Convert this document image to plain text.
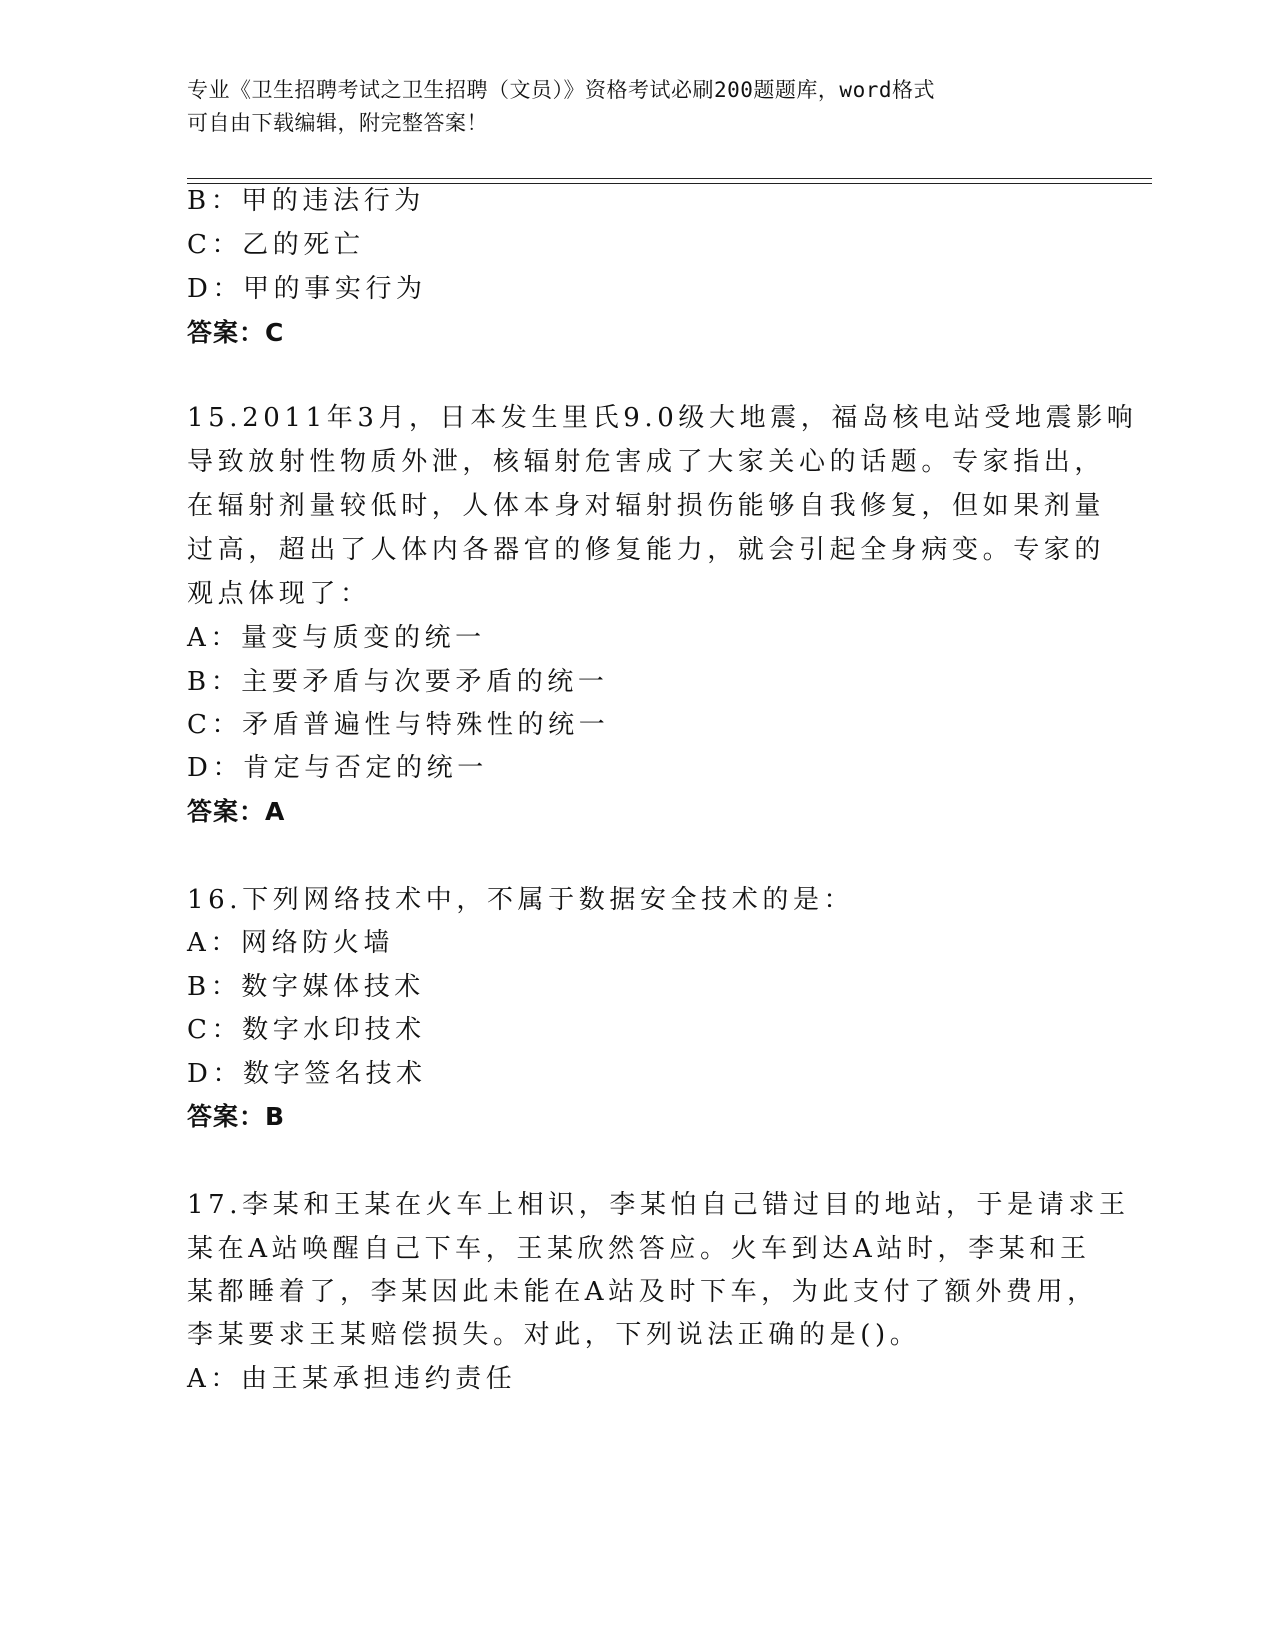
专业《卫生招聘考试之卫生招聘（文员）》资格考试必刷200题题库，word格式
可自由下载编辑，附完整答案！
B：甲的违法行为
C：乙的死亡
D：甲的事实行为
答案：C
15.2011年3月，日本发生里氏9.0级大地震，福岛核电站受地震影响
导致放射性物质外泄，核辐射危害成了大家关心的话题。专家指出，
在辐射剂量较低时，人体本身对辐射损伤能够自我修复，但如果剂量
过高，超出了人体内各器官的修复能力，就会引起全身病变。专家的
观点体现了：
A：量变与质变的统一
B：主要矛盾与次要矛盾的统一
C：矛盾普遍性与特殊性的统一
D：肯定与否定的统一
答案：A
16.下列网络技术中，不属于数据安全技术的是：
A：网络防火墙
B：数字媒体技术
C：数字水印技术
D：数字签名技术
答案：B
17.李某和王某在火车上相识，李某怕自己错过目的地站，于是请求王
某在A站唤醒自己下车，王某欣然答应。火车到达A站时，李某和王
某都睡着了，李某因此未能在A站及时下车，为此支付了额外费用，
李某要求王某赔偿损失。对此，下列说法正确的是()。
A：由王某承担违约责任
